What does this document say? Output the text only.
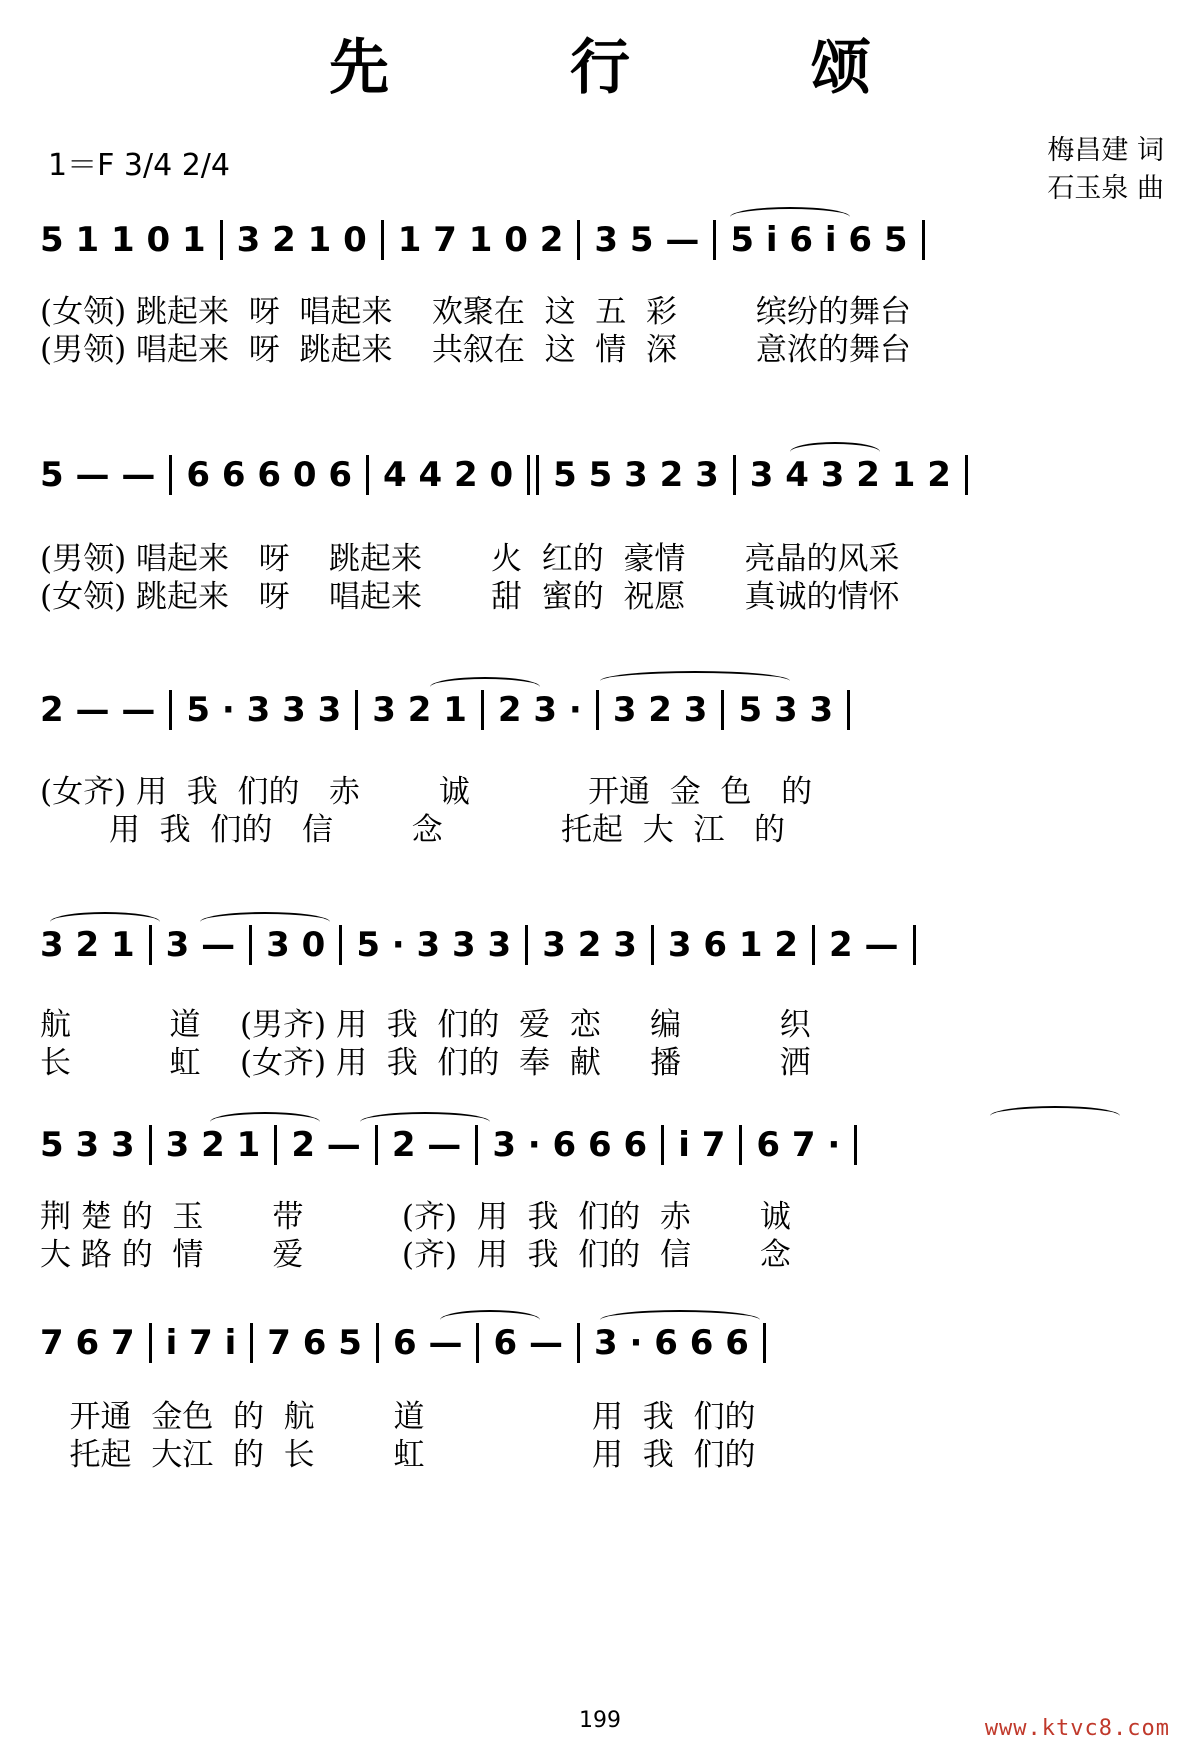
先 行 颂
1＝F 3/4 2/4	梅昌建 词
石玉泉 曲
5 1 1 0 1 3 2 1 0 1 7 1 0 2 3 5 — 5 i 6 i 6 5
(女领) 跳起来  呀  唱起来    欢聚在  这  五  彩        缤纷的舞台
(男领) 唱起来  呀  跳起来    共叙在  这  情  深        意浓的舞台
5 — — 6 6 6 0 6 4 4 2 0 5 5 3 2 3 3 4 3 2 1 2
(男领) 唱起来   呀    跳起来       火  红的  豪情      亮晶的风采
(女领) 跳起来   呀    唱起来       甜  蜜的  祝愿      真诚的情怀
2 — — 5 · 3 3 3 3 2 1 2 3 · 3 2 3 5 3 3
(女齐) 用  我  们的   赤        诚            开通  金  色   的
用  我  们的   信        念            托起  大  江   的
3 2 1 3 — 3 0 5 · 3 3 3 3 2 3 3 6 1 2 2 —
航          道    (男齐) 用  我  们的  爱  恋     编          织
长          虹    (女齐) 用  我  们的  奉  献     播          洒
5 3 3 3 2 1 2 — 2 — 3 · 6 6 6 i 7 6 7 ·
荆 楚 的  玉       带          (齐)  用  我  们的  赤       诚
大 路 的  情       爱          (齐)  用  我  们的  信       念
7 6 7 i 7 i 7 6 5 6 — 6 — 3 · 6 6 6
开通  金色  的  航        道                 用  我  们的
托起  大江  的  长        虹                 用  我  们的
199	www.ktvc8.com
